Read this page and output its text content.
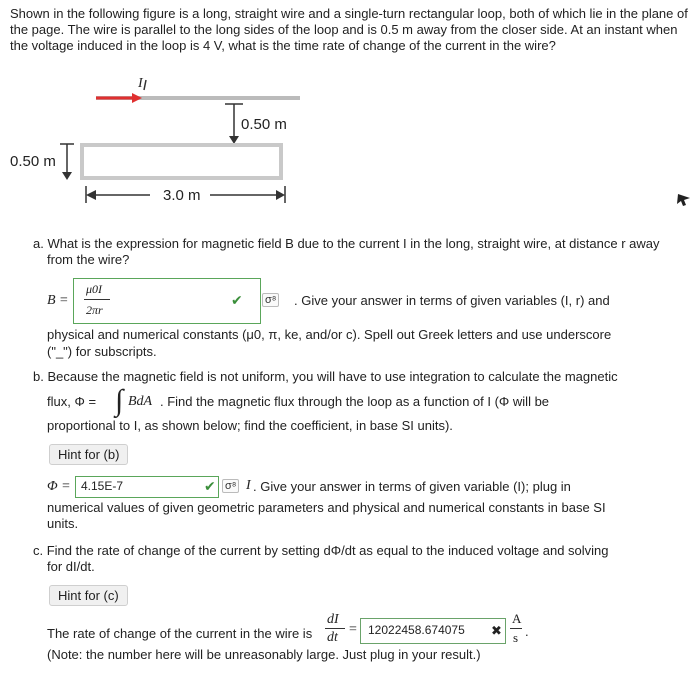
Shown in the following figure is a long, straight wire and a single-turn rectangular loop, both of which lie in the plane of the page. The wire is parallel to the long sides of the loop and is 0.5 m away from the closer side. At an instant when the voltage induced in the loop is 4 V, what is the time rate of change of the current in the wire?
I
0.50 m
0.50 m
3.0 m
a. What is the expression for magnetic field B due to the current I in the long, straight wire, at distance r away from the wire?
B =
μ0I
2πr
✔ σ⁸ . Give your answer in terms of given variables (I, r) and
physical and numerical constants (μ0, π, ke, and/or c). Spell out Greek letters and use underscore
("_") for subscripts.
b. Because the magnetic field is not uniform, you will have to use integration to calculate the magnetic
flux, Φ = ∫ BdA . Find the magnetic flux through the loop as a function of I (Φ will be
proportional to I, as shown below; find the coefficient, in base SI units).
Hint for (b)
Φ = 4.15E-7	✔ σ⁸ I . Give your answer in terms of given variable (I); plug in
numerical values of given geometric parameters and physical and numerical constants in base SI
units.
c. Find the rate of change of the current by setting dΦ/dt as equal to the induced voltage and solving
for dI/dt.
Hint for (c)
The rate of change of the current in the wire is
dI
dt
= 12022458.674075 ✖
A
s .
(Note: the number here will be unreasonably large. Just plug in your result.)
